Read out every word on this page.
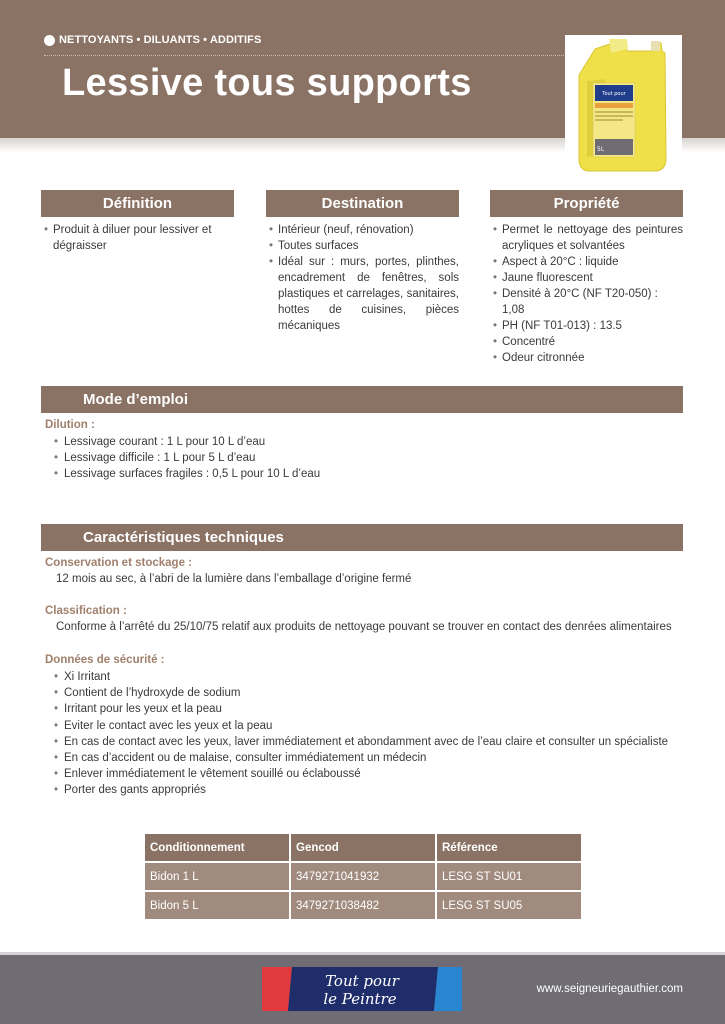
NETTOYANTS • DILUANTS • ADDITIFS
Lessive tous supports	Tout pour
5L
Définition	Destination	Propriété
• Produit à diluer pour lessiver et dégraisser
• Intérieur (neuf, rénovation)
• Toutes surfaces
• Idéal sur : murs, portes, plinthes, encadrement de fenêtres, sols plastiques et carrelages, sanitaires, hottes de cuisines, pièces mécaniques
• Permet le nettoyage des peintures acryliques et solvantées
• Aspect à 20°C : liquide
• Jaune fluorescent
• Densité à 20°C (NF T20-050) : 1,08
• PH (NF T01-013) : 13.5
• Concentré
• Odeur citronnée
Mode d’emploi
Dilution :
• Lessivage courant : 1 L pour 10 L d’eau
• Lessivage difficile : 1 L pour 5 L d’eau
• Lessivage surfaces fragiles : 0,5 L pour 10 L d’eau
Caractéristiques techniques
Conservation et stockage :
12 mois au sec, à l’abri de la lumière dans l’emballage d’origine fermé
Classification :
Conforme à l’arrêté du 25/10/75 relatif aux produits de nettoyage pouvant se trouver en contact des denrées alimentaires
Données de sécurité :
• Xi Irritant
• Contient de l’hydroxyde de sodium
• Irritant pour les yeux et la peau
• Eviter le contact avec les yeux et la peau
• En cas de contact avec les yeux, laver immédiatement et abondamment avec de l’eau claire et consulter un spécialiste
• En cas d’accident ou de malaise, consulter immédiatement un médecin
• Enlever immédiatement le vêtement souillé ou éclaboussé
• Porter des gants appropriés
Conditionnement	Gencod	Référence
Bidon 1 L	3479271041932	LESG ST SU01
Bidon 5 L	3479271038482	LESG ST SU05
Tout pour
le Peintre
www.seigneuriegauthier.com
